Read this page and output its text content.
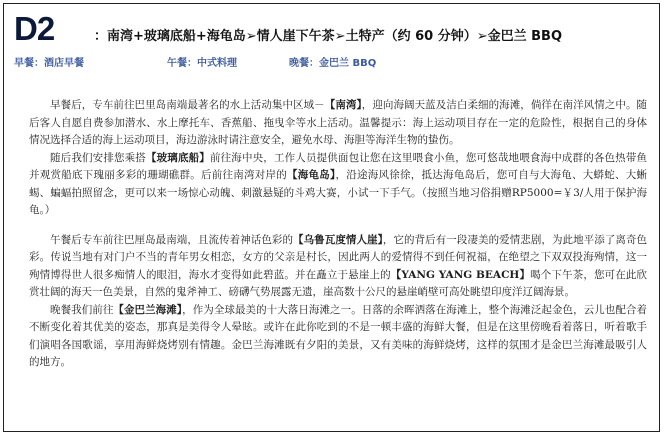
D2	：南湾+玻璃底船+海龟岛➢情人崖下午茶➢土特产（约 60 分钟）➢金巴兰 BBQ
早餐：酒店早餐	午餐：中式料理	晚餐：金巴兰 BBQ

早餐后，专车前往巴里岛南端最著名的水上活动集中区域－【南湾】，迎向海阔天蓝及洁白柔细的海滩，倘徉在南洋风情之中。随后客人自愿自费参加潜水、水上摩托车、香蕉船、拖曳伞等水上活动。温馨提示：海上运动项目存在一定的危险性，根据自己的身体情况选择合适的海上运动项目，海边游泳时请注意安全，避免水母、海胆等海洋生物的蛰伤。

随后我们安排您乘搭【玻璃底船】前往海中央，工作人员提供面包让您在这里喂食小鱼，您可悠哉地喂食海中成群的各色热带鱼并观赏船底下瑰丽多彩的珊瑚礁群。后前往南湾对岸的【海龟岛】，沿途海风徐徐，抵达海龟岛后，您可自与大海龟、大蟒蛇、大蜥蜴、蝙蝠拍照留念，更可以来一场惊心动魄、刺激悬疑的斗鸡大赛，小试一下手气。（按照当地习俗捐赠RP5000=￥3/人用于保护海龟。）

午餐后专车前往巴厘岛最南端，且流传着神话色彩的【乌鲁瓦度情人崖】，它的背后有一段凄美的爱情悲剧，为此地平添了离奇色彩。传说当地有对门户不当的青年男女相恋，女方的父亲是村长，因此两人的爱情得不到任何祝福，在绝望之下双双投海殉情，这一殉情博得世人很多痴情人的眼泪，海水才变得如此碧蓝。并在矗立于悬崖上的【YANG YANG BEACH】喝个下午茶，您可在此欣赏壮阔的海天一色美景，自然的鬼斧神工、磅礴气势展露无遗，崖高数十公尺的悬崖峭壁可高处眺望印度洋辽阔海景。

晚餐我们前往【金巴兰海滩】，作为全球最美的十大落日海滩之一。日落的余晖洒落在海滩上，整个海滩泛起金色，云儿也配合着不断变化着其优美的姿态，那真是美得令人晕眩。或许在此你吃到的不是一顿丰盛的海鲜大餐，但是在这里傍晚看着落日，听着歌手们演唱各国歌谣，享用海鲜烧烤别有情趣。金巴兰海滩既有夕阳的美景，又有美味的海鲜烧烤，这样的氛围才是金巴兰海滩最吸引人的地方。
